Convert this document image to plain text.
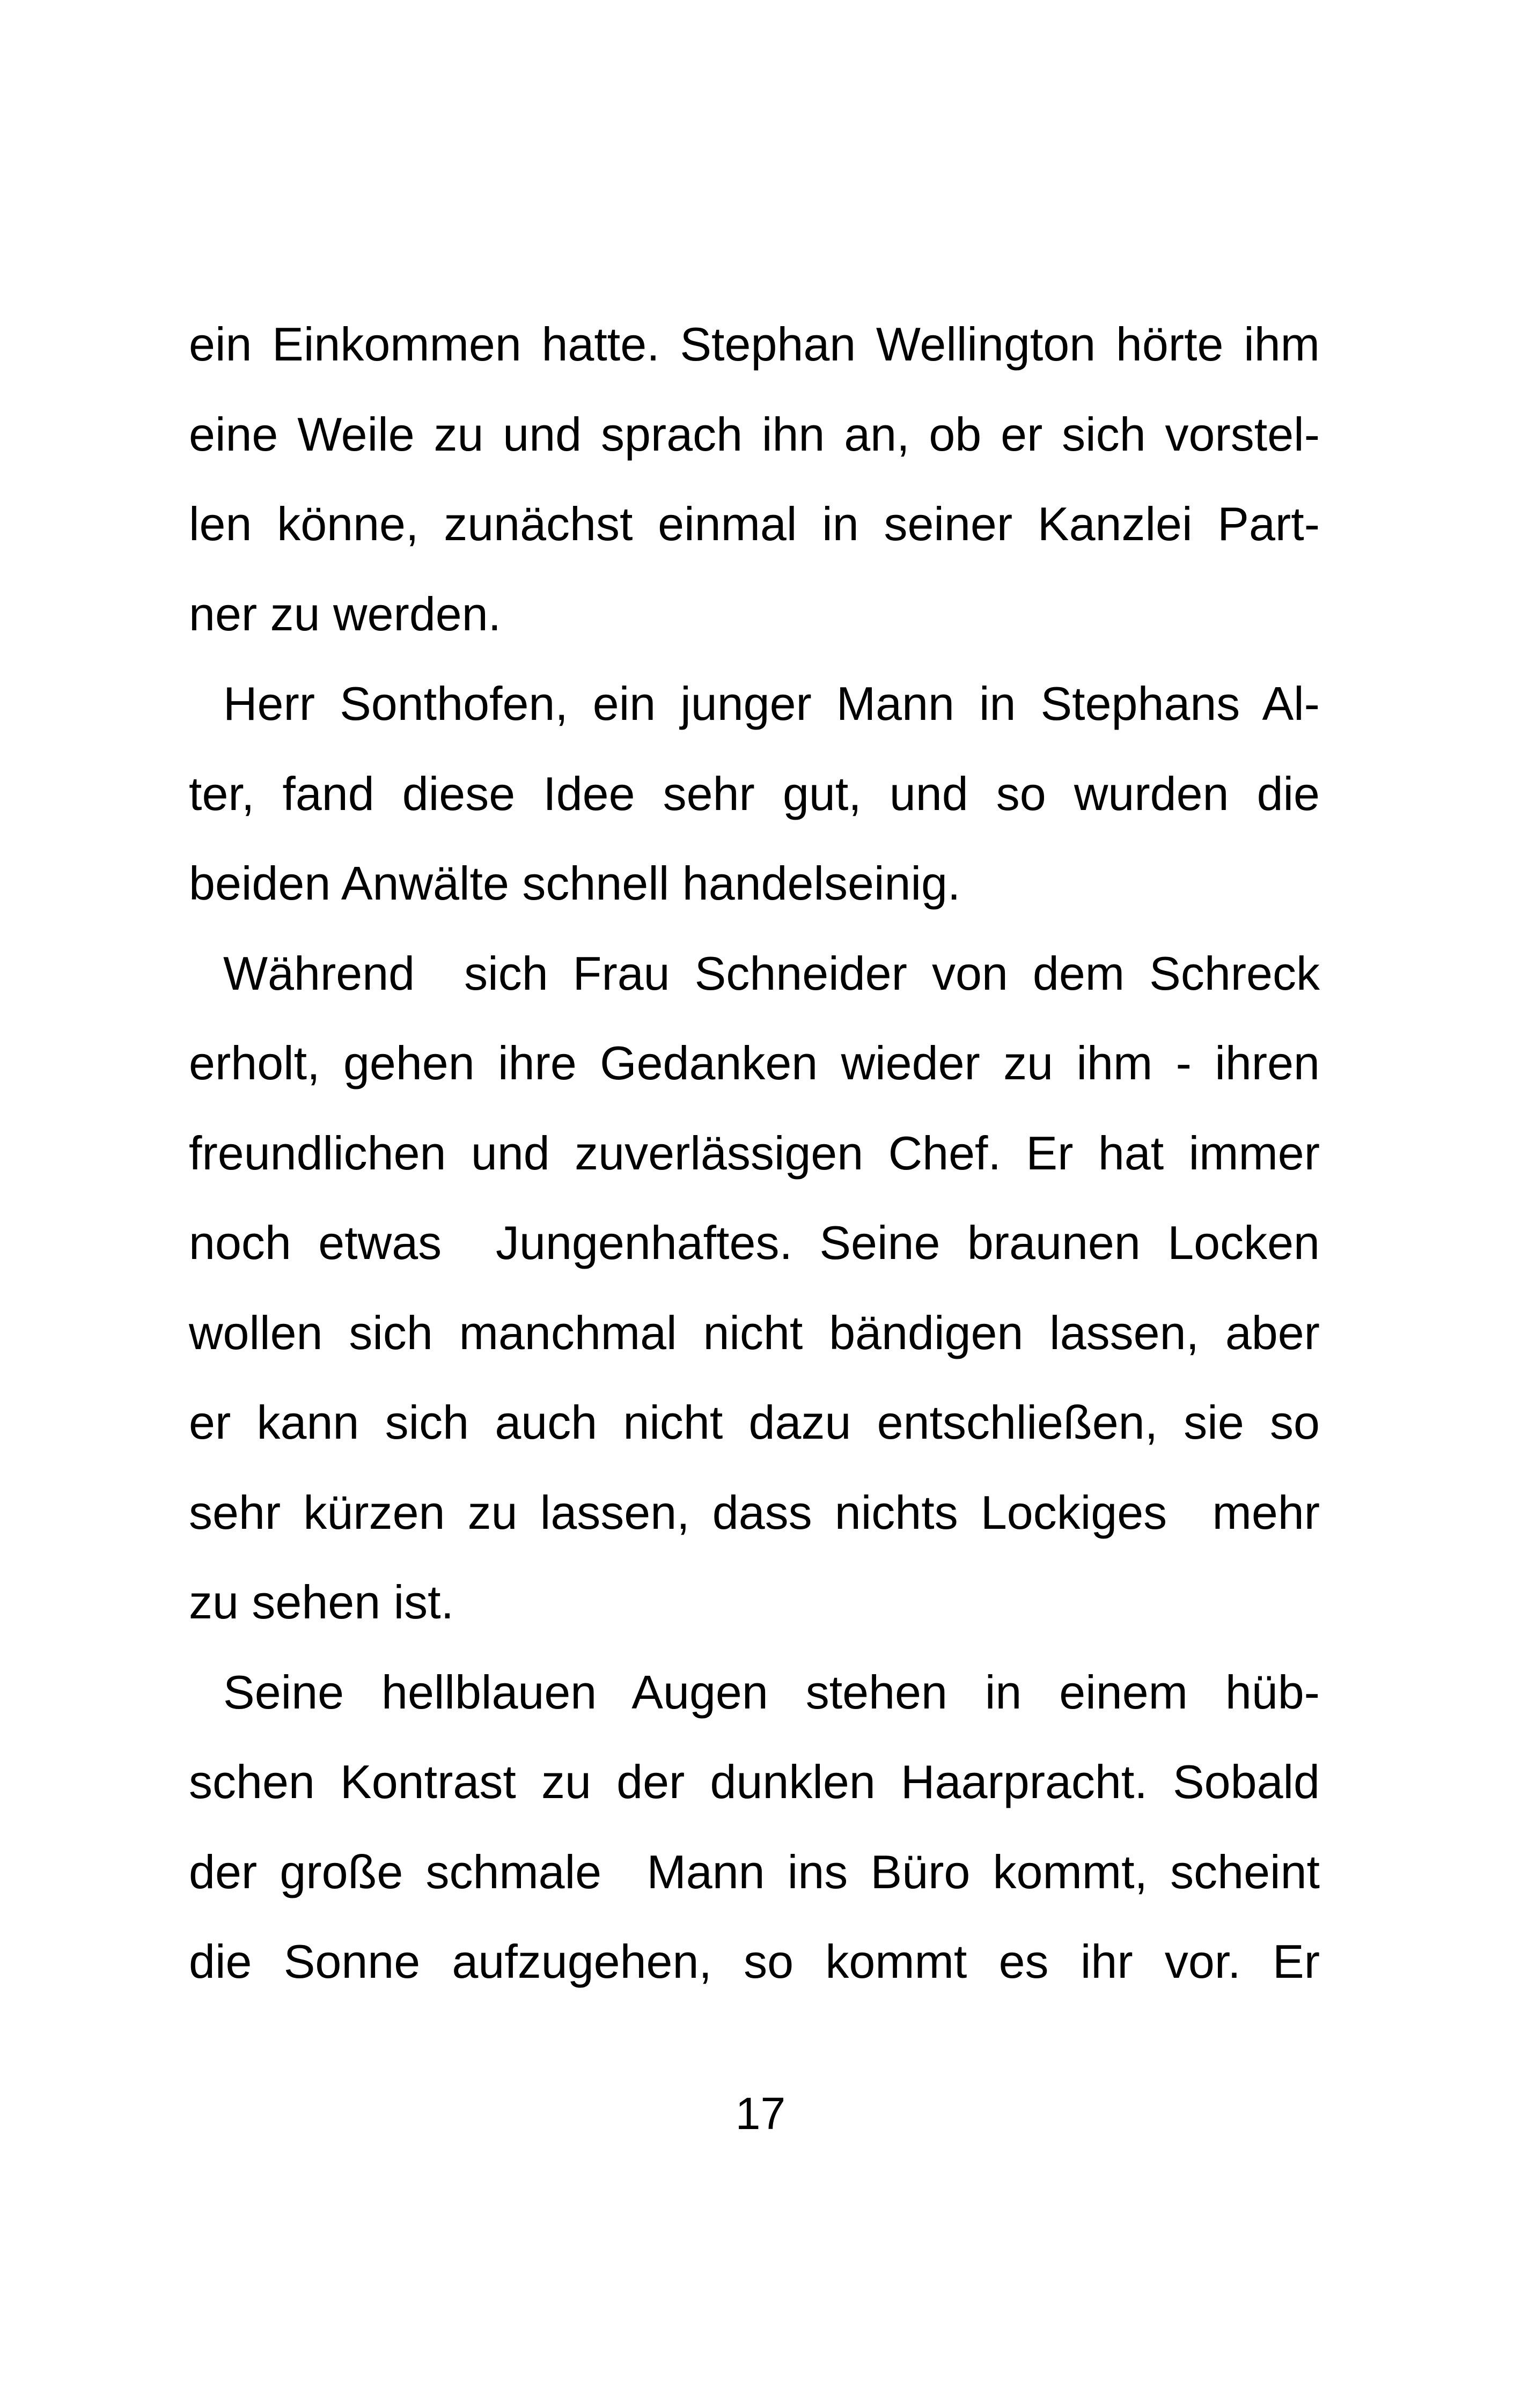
ein Einkommen hatte. Stephan Wellington hörte ihm
eine Weile zu und sprach ihn an, ob er sich vorstel-
len könne, zunächst einmal in seiner Kanzlei Part-
ner zu werden.
Herr Sonthofen, ein junger Mann in Stephans Al-
ter, fand diese Idee sehr gut, und so wurden die
beiden Anwälte schnell handelseinig.
Während  sich Frau Schneider von dem Schreck
erholt, gehen ihre Gedanken wieder zu ihm - ihren
freundlichen und zuverlässigen Chef. Er hat immer
noch etwas  Jungenhaftes. Seine braunen Locken
wollen sich manchmal nicht bändigen lassen, aber
er kann sich auch nicht dazu entschließen, sie so
sehr kürzen zu lassen, dass nichts Lockiges  mehr
zu sehen ist.
Seine hellblauen Augen stehen in einem hüb-
schen Kontrast zu der dunklen Haarpracht. Sobald
der große schmale  Mann ins Büro kommt, scheint
die Sonne aufzugehen, so kommt es ihr vor. Er
17
